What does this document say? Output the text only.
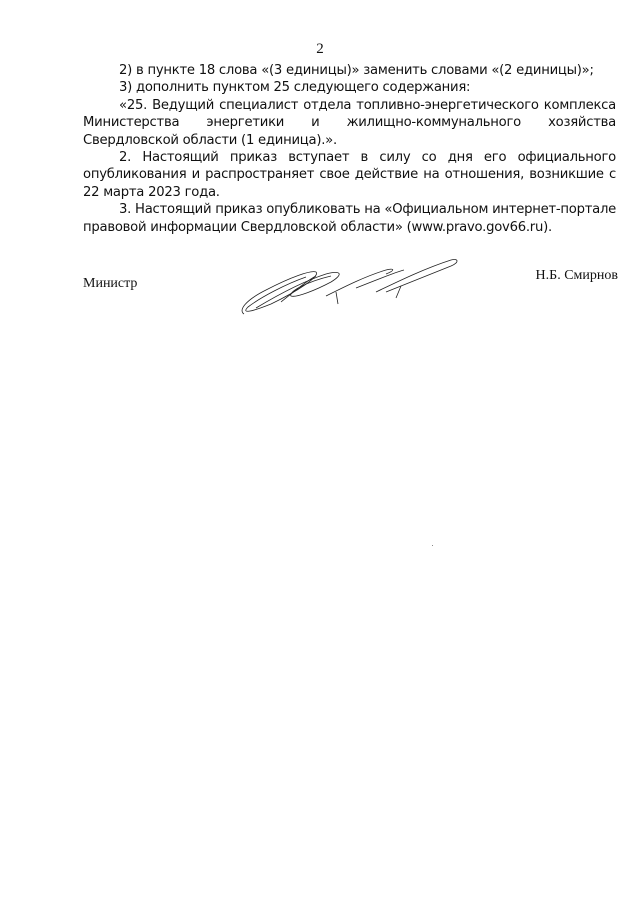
2

2) в пункте 18 слова «(3 единицы)» заменить словами «(2 единицы)»;

3) дополнить пунктом 25 следующего содержания:

«25. Ведущий специалист отдела топливно-энергетического комплекса Министерства энергетики и жилищно-коммунального хозяйства Свердловской области (1 единица).».

2. Настоящий приказ вступает в силу со дня его официального опубликования и распространяет свое действие на отношения, возникшие с 22 марта 2023 года.

3. Настоящий приказ опубликовать на «Официальном интернет-портале правовой информации Свердловской области» (www.pravo.gov66.ru).

Министр
Н.Б. Смирнов
